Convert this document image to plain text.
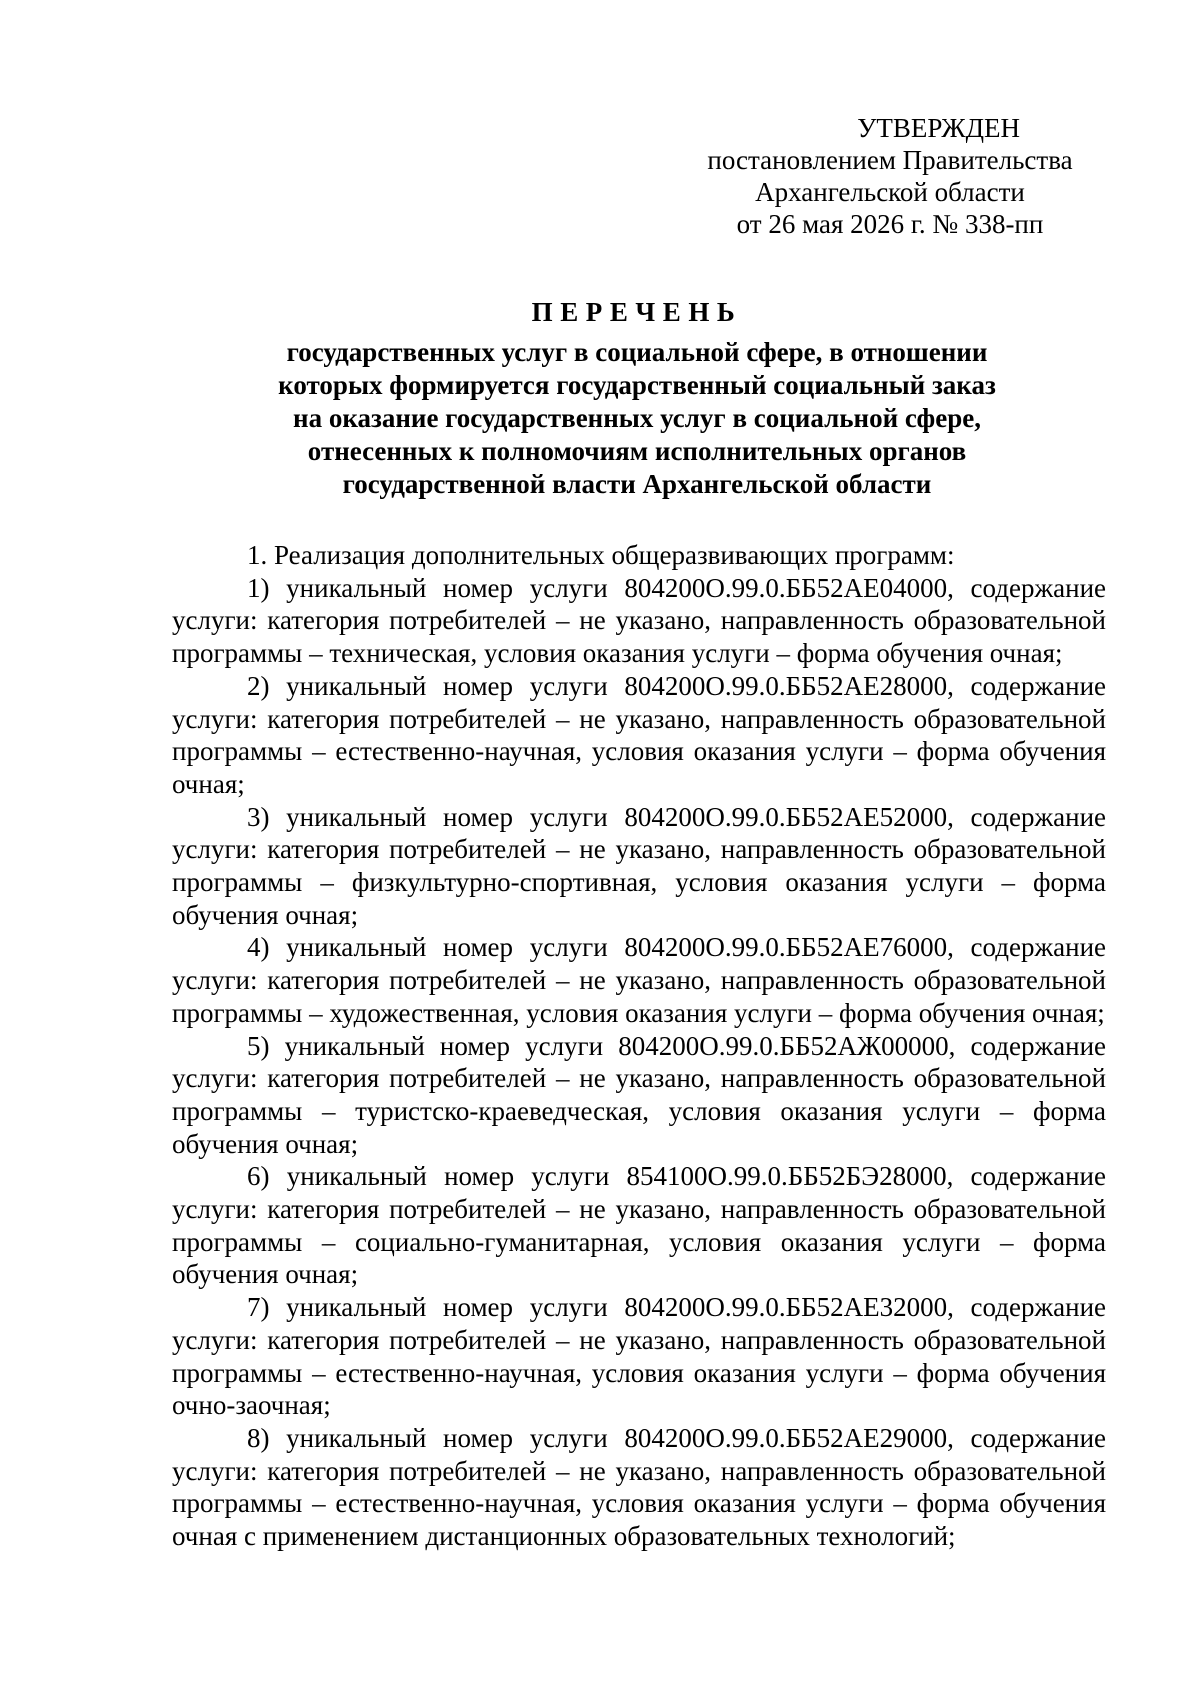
УТВЕРЖДЕН
постановлением Правительства
Архангельской области
от 26 мая 2026 г. № 338-пп
ПЕРЕЧЕНЬ
государственных услуг в социальной сфере, в отношении
которых формируется государственный социальный заказ
на оказание государственных услуг в социальной сфере,
отнесенных к полномочиям исполнительных органов
государственной власти Архангельской области

1. Реализация дополнительных общеразвивающих программ:

1) уникальный номер услуги 804200О.99.0.ББ52АЕ04000, содержание услуги: категория потребителей – не указано, направленность образовательной программы – техническая, условия оказания услуги – форма обучения очная;

2) уникальный номер услуги 804200О.99.0.ББ52АЕ28000, содержание услуги: категория потребителей – не указано, направленность образовательной программы – естественно-научная, условия оказания услуги – форма обучения очная;

3) уникальный номер услуги 804200О.99.0.ББ52АЕ52000, содержание услуги: категория потребителей – не указано, направленность образовательной программы – физкультурно-спортивная, условия оказания услуги – форма обучения очная;

4) уникальный номер услуги 804200О.99.0.ББ52АЕ76000, содержание услуги: категория потребителей – не указано, направленность образовательной программы – художественная, условия оказания услуги – форма обучения очная;

5) уникальный номер услуги 804200О.99.0.ББ52АЖ00000, содержание услуги: категория потребителей – не указано, направленность образовательной программы – туристско-краеведческая, условия оказания услуги – форма обучения очная;

6) уникальный номер услуги 854100О.99.0.ББ52БЭ28000, содержание услуги: категория потребителей – не указано, направленность образовательной программы – социально-гуманитарная, условия оказания услуги – форма обучения очная;

7) уникальный номер услуги 804200О.99.0.ББ52АЕ32000, содержание услуги: категория потребителей – не указано, направленность образовательной программы – естественно-научная, условия оказания услуги – форма обучения очно-заочная;

8) уникальный номер услуги 804200О.99.0.ББ52АЕ29000, содержание услуги: категория потребителей – не указано, направленность образовательной программы – естественно-научная, условия оказания услуги – форма обучения очная с применением дистанционных образовательных технологий;
